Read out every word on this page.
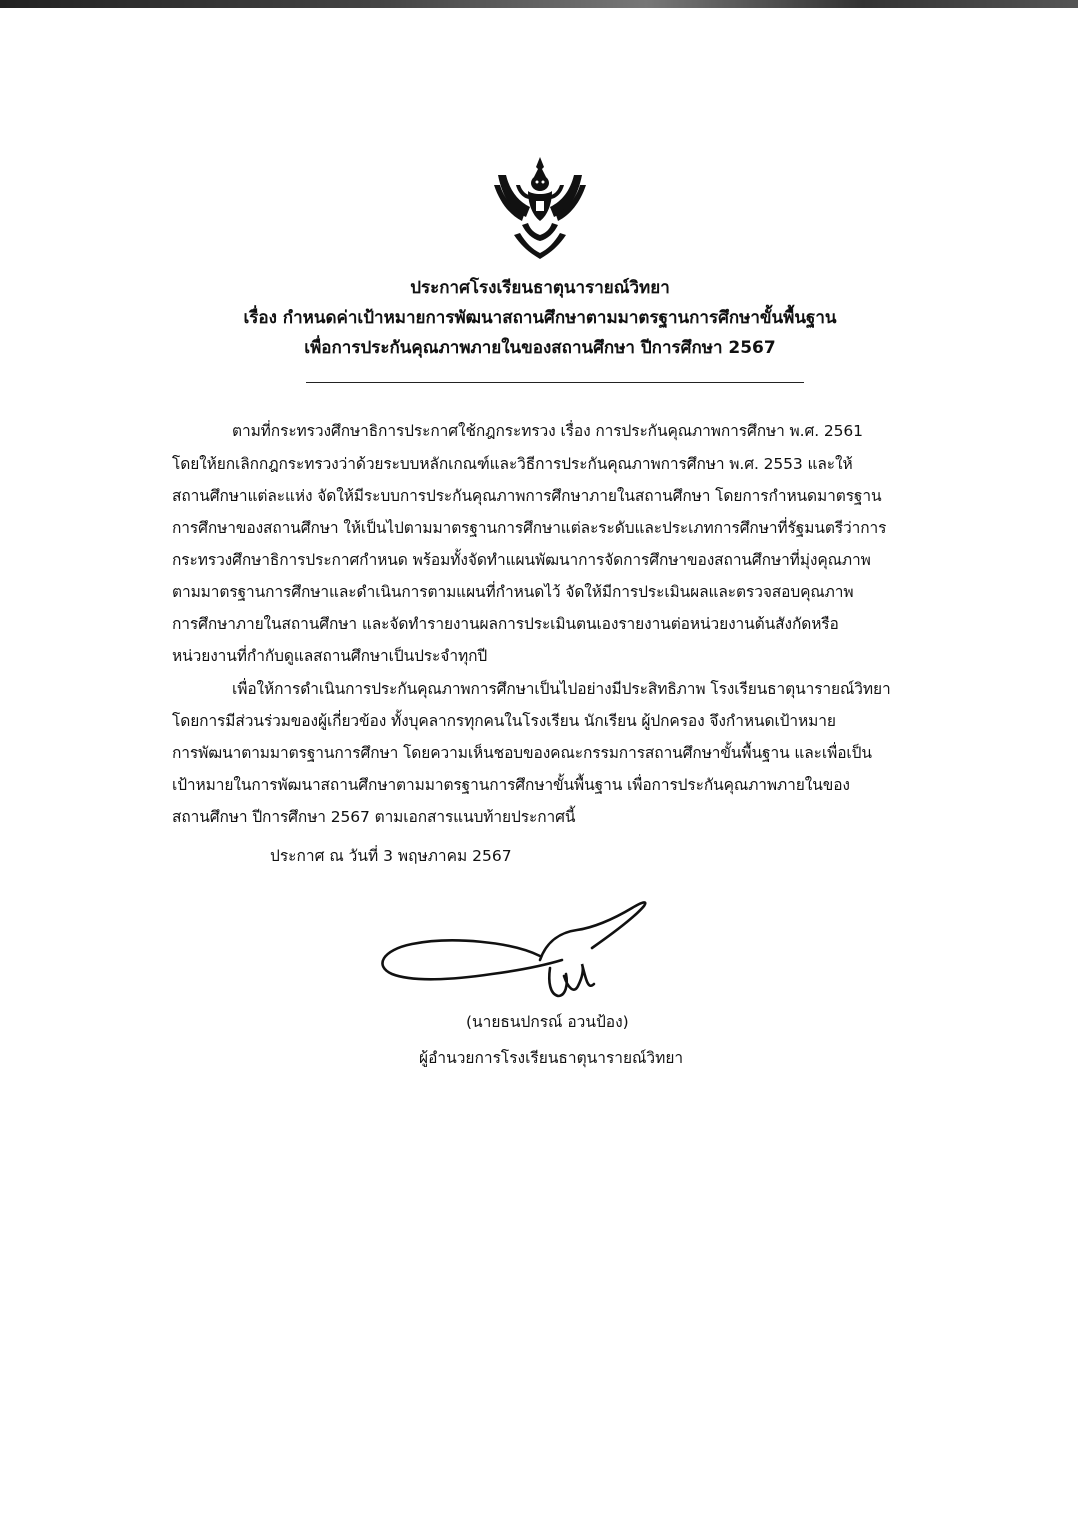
ประกาศโรงเรียนธาตุนารายณ์วิทยา
เรื่อง กำหนดค่าเป้าหมายการพัฒนาสถานศึกษาตามมาตรฐานการศึกษาขั้นพื้นฐาน
เพื่อการประกันคุณภาพภายในของสถานศึกษา ปีการศึกษา 2567
ตามที่กระทรวงศึกษาธิการประกาศใช้กฎกระทรวง เรื่อง การประกันคุณภาพการศึกษา พ.ศ. 2561
โดยให้ยกเลิกกฎกระทรวงว่าด้วยระบบหลักเกณฑ์และวิธีการประกันคุณภาพการศึกษา พ.ศ. 2553 และให้
สถานศึกษาแต่ละแห่ง จัดให้มีระบบการประกันคุณภาพการศึกษาภายในสถานศึกษา โดยการกำหนดมาตรฐาน
การศึกษาของสถานศึกษา ให้เป็นไปตามมาตรฐานการศึกษาแต่ละระดับและประเภทการศึกษาที่รัฐมนตรีว่าการ
กระทรวงศึกษาธิการประกาศกำหนด พร้อมทั้งจัดทำแผนพัฒนาการจัดการศึกษาของสถานศึกษาที่มุ่งคุณภาพ
ตามมาตรฐานการศึกษาและดำเนินการตามแผนที่กำหนดไว้ จัดให้มีการประเมินผลและตรวจสอบคุณภาพ
การศึกษาภายในสถานศึกษา และจัดทำรายงานผลการประเมินตนเองรายงานต่อหน่วยงานต้นสังกัดหรือ
หน่วยงานที่กำกับดูแลสถานศึกษาเป็นประจำทุกปี
เพื่อให้การดำเนินการประกันคุณภาพการศึกษาเป็นไปอย่างมีประสิทธิภาพ โรงเรียนธาตุนารายณ์วิทยา
โดยการมีส่วนร่วมของผู้เกี่ยวข้อง ทั้งบุคลากรทุกคนในโรงเรียน นักเรียน ผู้ปกครอง จึงกำหนดเป้าหมาย
การพัฒนาตามมาตรฐานการศึกษา โดยความเห็นชอบของคณะกรรมการสถานศึกษาขั้นพื้นฐาน และเพื่อเป็น
เป้าหมายในการพัฒนาสถานศึกษาตามมาตรฐานการศึกษาขั้นพื้นฐาน เพื่อการประกันคุณภาพภายในของ
สถานศึกษา ปีการศึกษา 2567 ตามเอกสารแนบท้ายประกาศนี้
ประกาศ ณ วันที่ 3 พฤษภาคม 2567
(นายธนปกรณ์ อวนป้อง)
ผู้อำนวยการโรงเรียนธาตุนารายณ์วิทยา
